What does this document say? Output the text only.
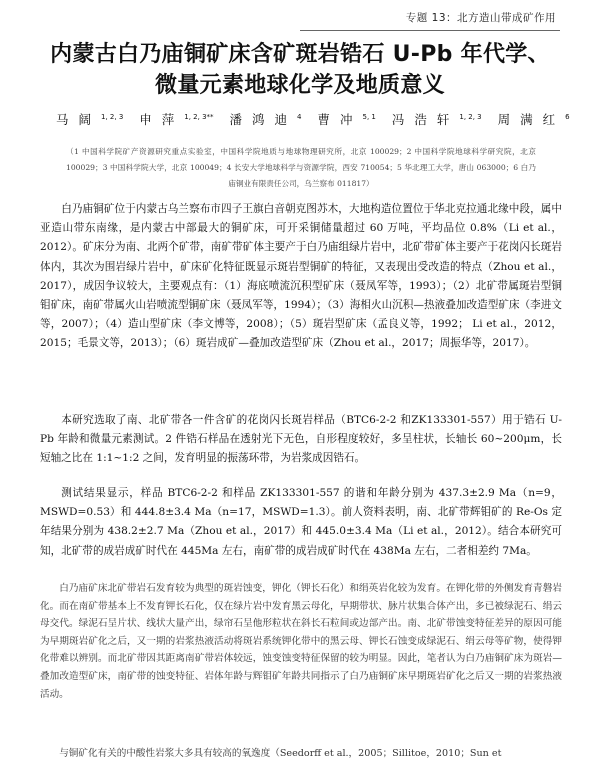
专题 13：北方造山带成矿作用
内蒙古白乃庙铜矿床含矿斑岩锆石 U-Pb 年代学、
微量元素地球化学及地质意义
马阔$^{1, 2, 3}$ 申萍$^{1, 2, 3**}$ 潘鸿迪$^4$ 曹冲$^{5, 1}$ 冯浩轩$^{1, 2, 3}$ 周满红$^6$
（1 中国科学院矿产资源研究重点实验室，中国科学院地质与地球物理研究所，北京 100029；2 中国科学院地球科学研究院，北京 100029；3 中国科学院大学，北京 100049；4 长安大学地球科学与资源学院，西安 710054；5 华北理工大学，唐山 063000；6 白乃庙铜业有限责任公司，乌兰察布 011817）

白乃庙铜矿位于内蒙古乌兰察布市四子王旗白音朝克图苏木，大地构造位置位于华北克拉通北缘中段，属中亚造山带东南缘，是内蒙古中部最大的铜矿床，可开采铜储量超过 60 万吨，平均品位 0.8%（Li et al.，2012）。矿床分为南、北两个矿带，南矿带矿体主要产于白乃庙组绿片岩中，北矿带矿体主要产于花岗闪长斑岩体内，其次为围岩绿片岩中，矿床矿化特征既显示斑岩型铜矿的特征，又表现出受改造的特点（Zhou et al.，2017），成因争议较大，主要观点有：（1）海底喷流沉积型矿床（聂凤军等，1993）；（2）北矿带属斑岩型铜钼矿床，南矿带属火山岩喷流型铜矿床（聂凤军等，1994）；（3）海相火山沉积—热液叠加改造型矿床（李进文等，2007）；（4）造山型矿床（李文博等，2008）；（5）斑岩型矿床（孟良义等，1992； Li et al.，2012，2015；毛景文等，2013）；（6）斑岩成矿—叠加改造型矿床（Zhou et al.，2017；周振华等，2017）。

本研究选取了南、北矿带各一件含矿的花岗闪长斑岩样品（BTC6-2-2 和ZK133301-557）用于锆石 U-Pb 年龄和微量元素测试。2 件锆石样品在透射光下无色，自形程度较好，多呈柱状，长轴长 60~200μm，长短轴之比在 1:1~1:2 之间，发育明显的振荡环带，为岩浆成因锆石。

测试结果显示，样品 BTC6-2-2 和样品 ZK133301-557 的谐和年龄分别为 437.3±2.9 Ma（n=9，MSWD=0.53）和 444.8±3.4 Ma（n=17，MSWD=1.3）。前人资料表明，南、北矿带辉钼矿的 Re-Os 定年结果分别为 438.2±2.7 Ma（Zhou et al.，2017）和 445.0±3.4 Ma（Li et al.，2012）。结合本研究可知，北矿带的成岩成矿时代在 445Ma 左右，南矿带的成岩成矿时代在 438Ma 左右，二者相差约 7Ma。

白乃庙矿床北矿带岩石发育较为典型的斑岩蚀变，钾化（钾长石化）和绢英岩化较为发育。在钾化带的外侧发育青磐岩化。而在南矿带基本上不发育钾长石化，仅在绿片岩中发育黑云母化，早期带状、脉片状集合体产出，多已被绿泥石、绢云母交代。绿泥石呈片状、线状大量产出，绿帘石呈他形粒状在斜长石粒间或边部产出。南、北矿带蚀变特征差异的原因可能为早期斑岩矿化之后，又一期的岩浆热液活动将斑岩系统钾化带中的黑云母、钾长石蚀变成绿泥石、绢云母等矿物，使得钾化带难以辨别。而北矿带因其距离南矿带岩体较远，蚀变蚀变特征保留的较为明显。因此，笔者认为白乃庙铜矿床为斑岩—叠加改造型矿床，南矿带的蚀变特征、岩体年龄与辉钼矿年龄共同指示了白乃庙铜矿床早期斑岩矿化之后又一期的岩浆热液活动。

与铜矿化有关的中酸性岩浆大多具有较高的氧逸度（Seedorff et al.，2005；Sillitoe，2010；Sun et
